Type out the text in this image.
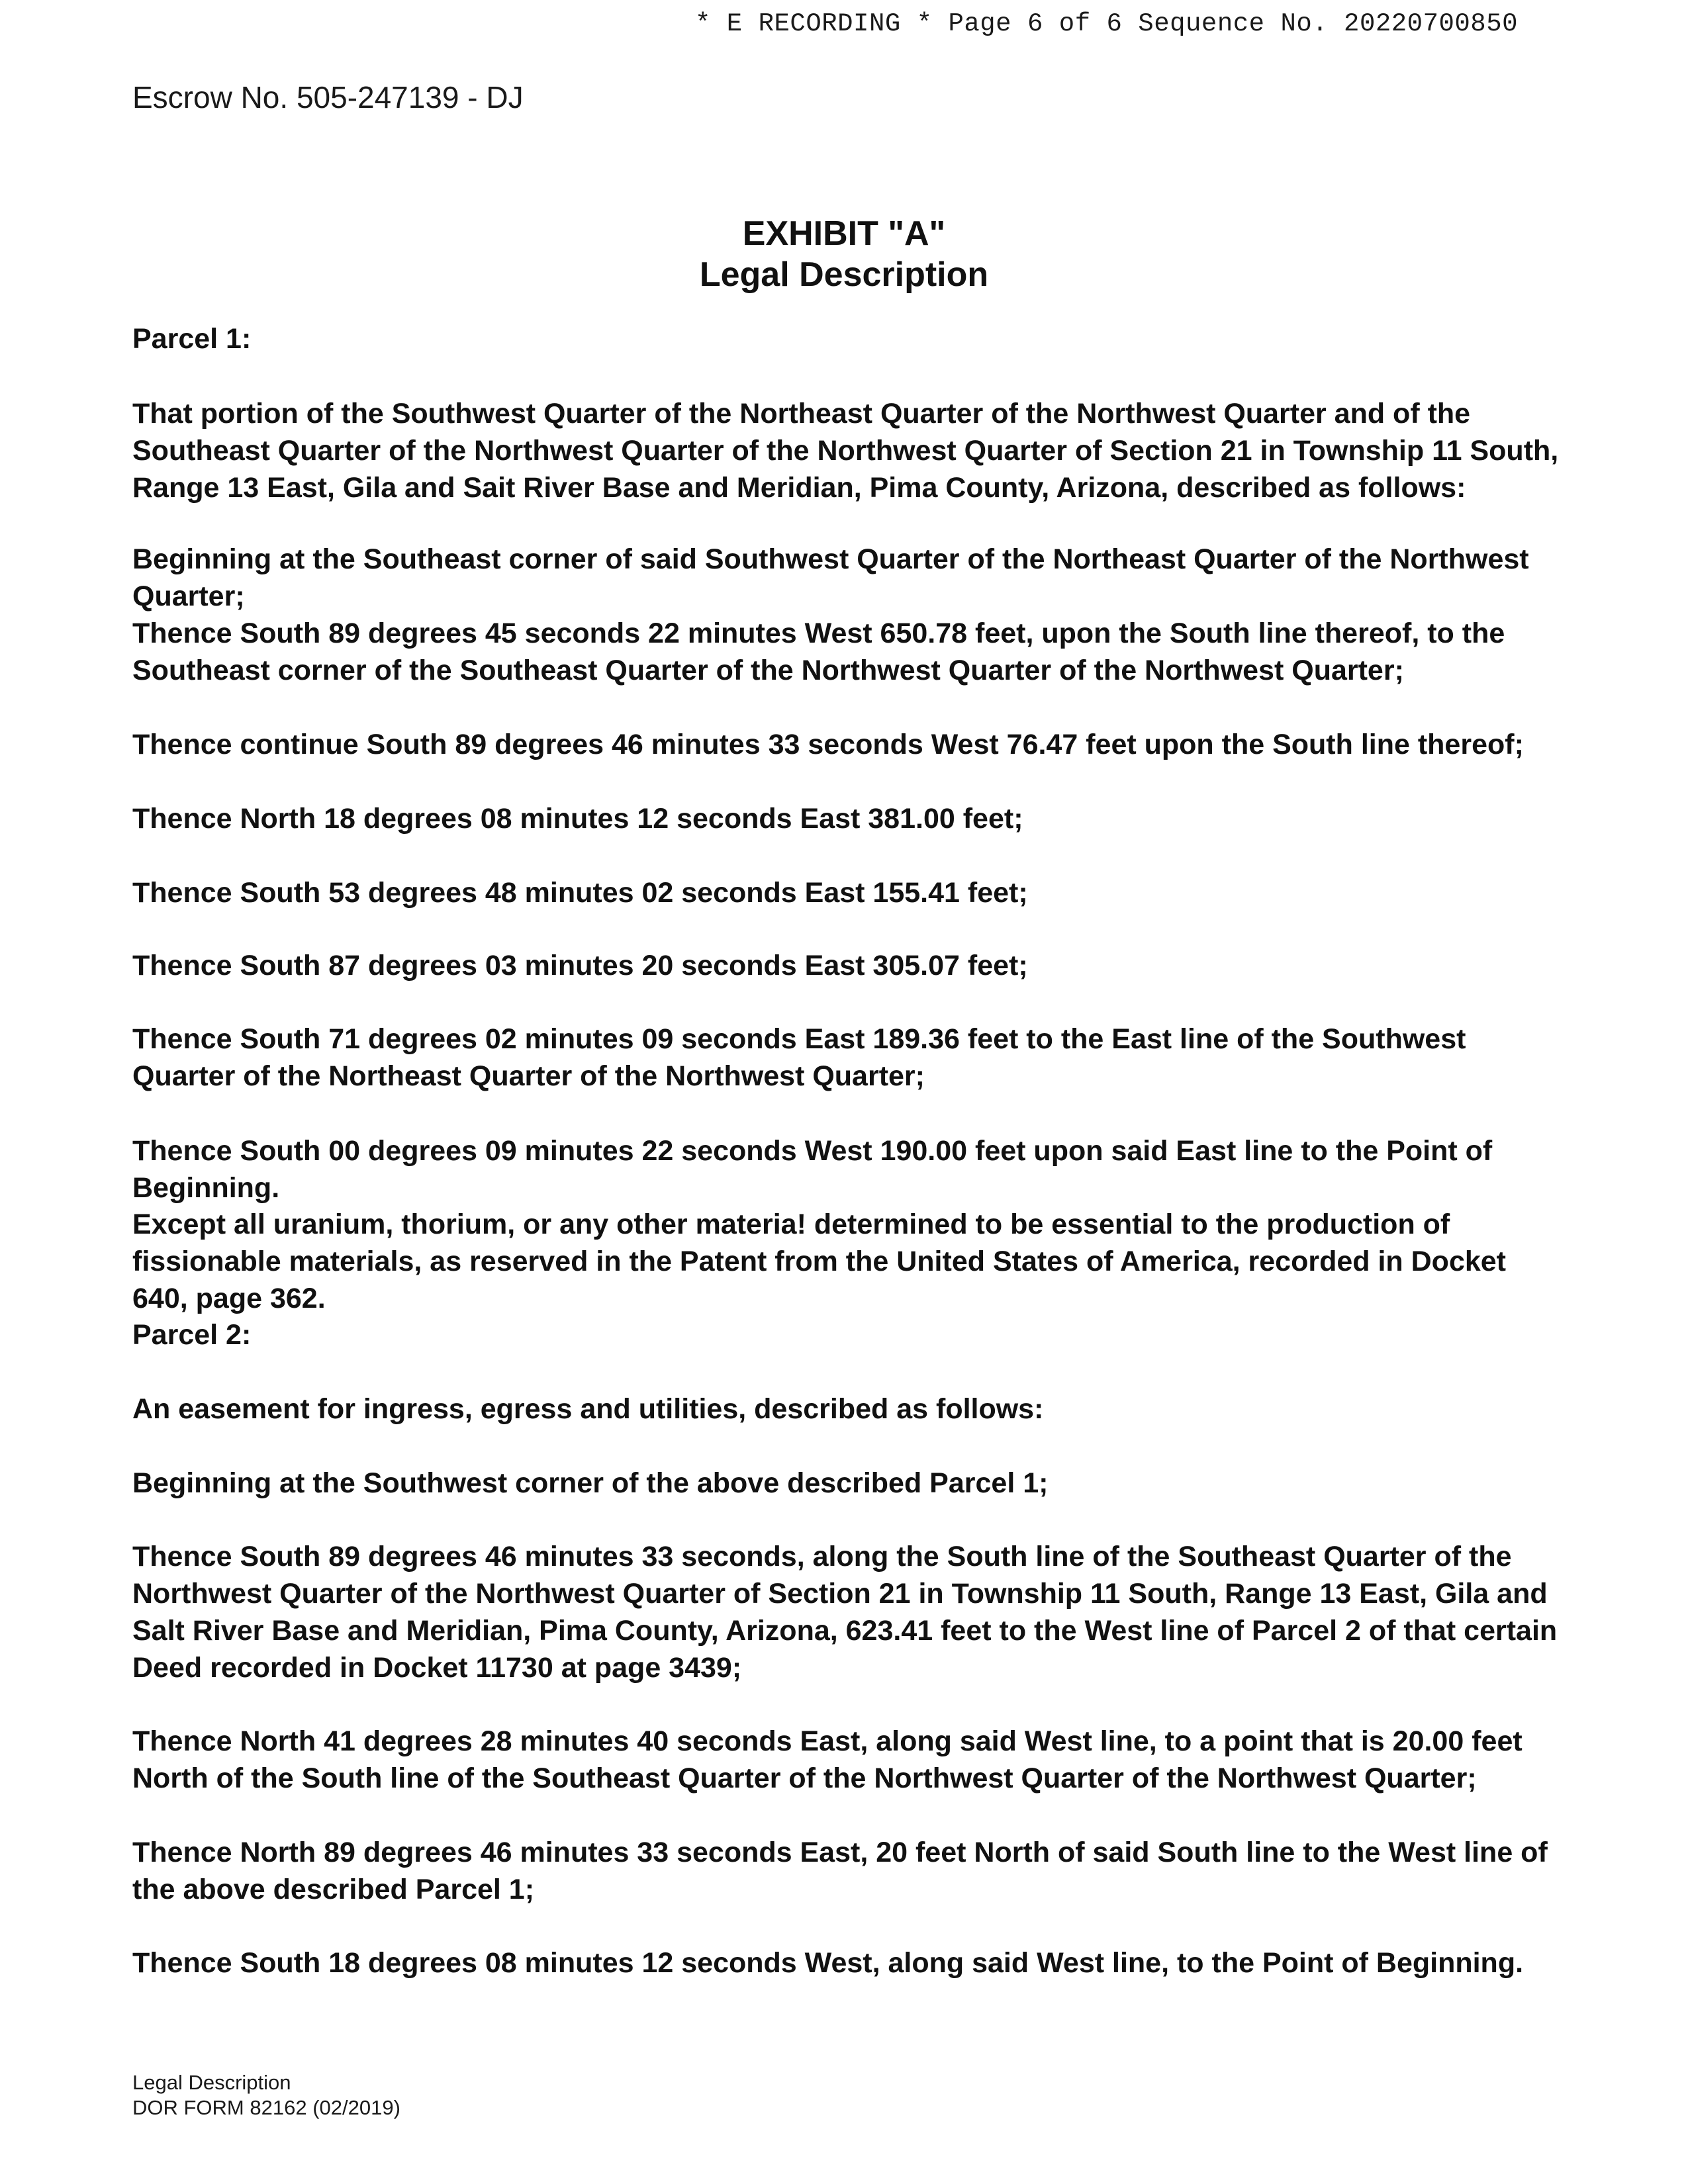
* E RECORDING * Page 6 of 6 Sequence No. 20220700850
Escrow No. 505-247139 - DJ
EXHIBIT "A"
Legal Description

Parcel 1:

That portion of the Southwest Quarter of the Northeast Quarter of the Northwest Quarter and of the Southeast Quarter of the Northwest Quarter of the Northwest Quarter of Section 21 in Township 11 South, Range 13 East, Gila and Sait River Base and Meridian, Pima County, Arizona, described as follows:

Beginning at the Southeast corner of said Southwest Quarter of the Northeast Quarter of the Northwest Quarter;

Thence South 89 degrees 45 seconds 22 minutes West 650.78 feet, upon the South line thereof, to the Southeast corner of the Southeast Quarter of the Northwest Quarter of the Northwest Quarter;

Thence continue South 89 degrees 46 minutes 33 seconds West 76.47 feet upon the South line thereof;

Thence North 18 degrees 08 minutes 12 seconds East 381.00 feet;

Thence South 53 degrees 48 minutes 02 seconds East 155.41 feet;

Thence South 87 degrees 03 minutes 20 seconds East 305.07 feet;

Thence South 71 degrees 02 minutes 09 seconds East 189.36 feet to the East line of the Southwest Quarter of the Northeast Quarter of the Northwest Quarter;

Thence South 00 degrees 09 minutes 22 seconds West 190.00 feet upon said East line to the Point of Beginning.

Except all uranium, thorium, or any other materia! determined to be essential to the production of fissionable materials, as reserved in the Patent from the United States of America, recorded in Docket 640, page 362.

Parcel 2:

An easement for ingress, egress and utilities, described as follows:

Beginning at the Southwest corner of the above described Parcel 1;

Thence South 89 degrees 46 minutes 33 seconds, along the South line of the Southeast Quarter of the Northwest Quarter of the Northwest Quarter of Section 21 in Township 11 South, Range 13 East, Gila and Salt River Base and Meridian, Pima County, Arizona, 623.41 feet to the West line of Parcel 2 of that certain Deed recorded in Docket 11730 at page 3439;

Thence North 41 degrees 28 minutes 40 seconds East, along said West line, to a point that is 20.00 feet North of the South line of the Southeast Quarter of the Northwest Quarter of the Northwest Quarter;

Thence North 89 degrees 46 minutes 33 seconds East, 20 feet North of said South line to the West line of the above described Parcel 1;

Thence South 18 degrees 08 minutes 12 seconds West, along said West line, to the Point of Beginning.

Legal Description
DOR FORM 82162 (02/2019)
